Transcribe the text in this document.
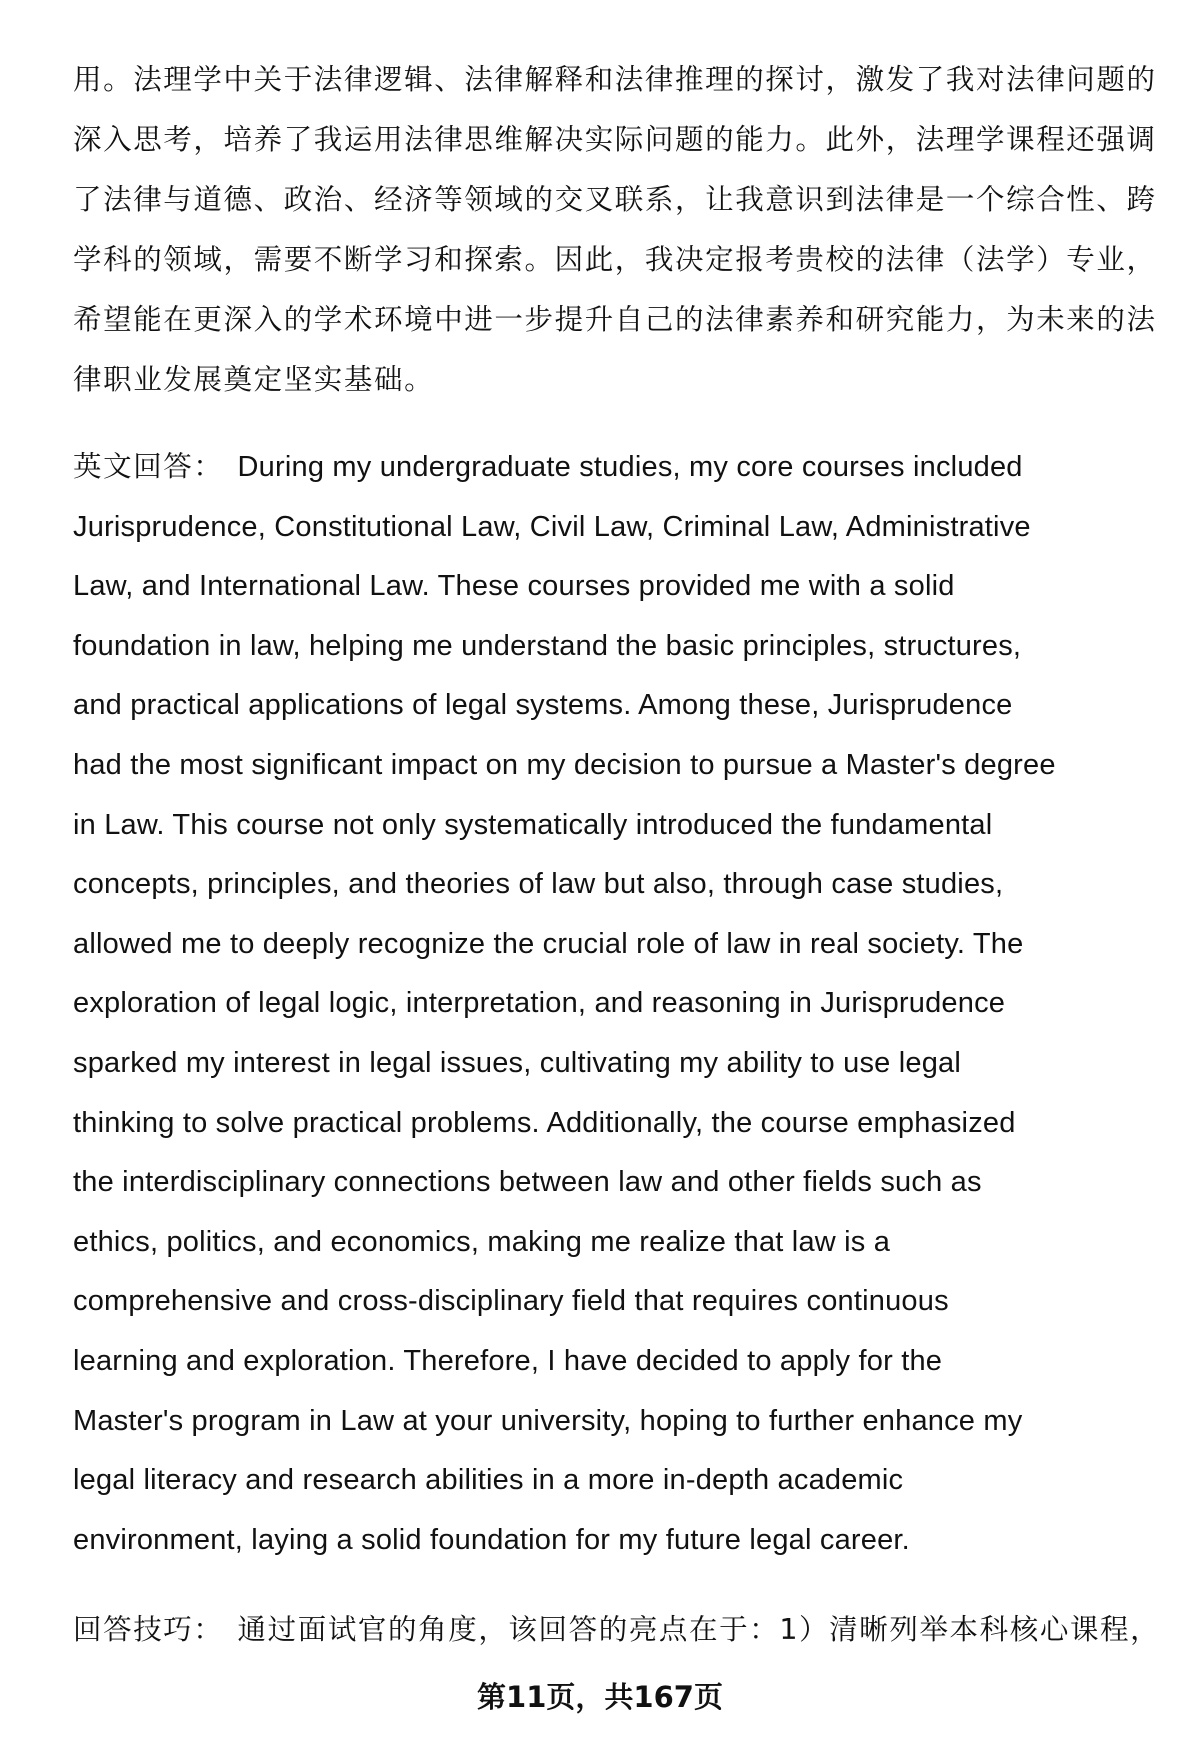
用。法理学中关于法律逻辑、法律解释和法律推理的探讨，激发了我对法律问题的
深入思考，培养了我运用法律思维解决实际问题的能力。此外，法理学课程还强调
了法律与道德、政治、经济等领域的交叉联系，让我意识到法律是一个综合性、跨
学科的领域，需要不断学习和探索。因此，我决定报考贵校的法律（法学）专业，
希望能在更深入的学术环境中进一步提升自己的法律素养和研究能力，为未来的法
律职业发展奠定坚实基础。
英文回答： During my undergraduate studies, my core courses included
Jurisprudence, Constitutional Law, Civil Law, Criminal Law, Administrative
Law, and International Law. These courses provided me with a solid
foundation in law, helping me understand the basic principles, structures,
and practical applications of legal systems. Among these, Jurisprudence
had the most significant impact on my decision to pursue a Master's degree
in Law. This course not only systematically introduced the fundamental
concepts, principles, and theories of law but also, through case studies,
allowed me to deeply recognize the crucial role of law in real society. The
exploration of legal logic, interpretation, and reasoning in Jurisprudence
sparked my interest in legal issues, cultivating my ability to use legal
thinking to solve practical problems. Additionally, the course emphasized
the interdisciplinary connections between law and other fields such as
ethics, politics, and economics, making me realize that law is a
comprehensive and cross-disciplinary field that requires continuous
learning and exploration. Therefore, I have decided to apply for the
Master's program in Law at your university, hoping to further enhance my
legal literacy and research abilities in a more in-depth academic
environment, laying a solid foundation for my future legal career.
回答技巧： 通过面试官的角度，该回答的亮点在于：1）清晰列举本科核心课程，
第11页，共167页
